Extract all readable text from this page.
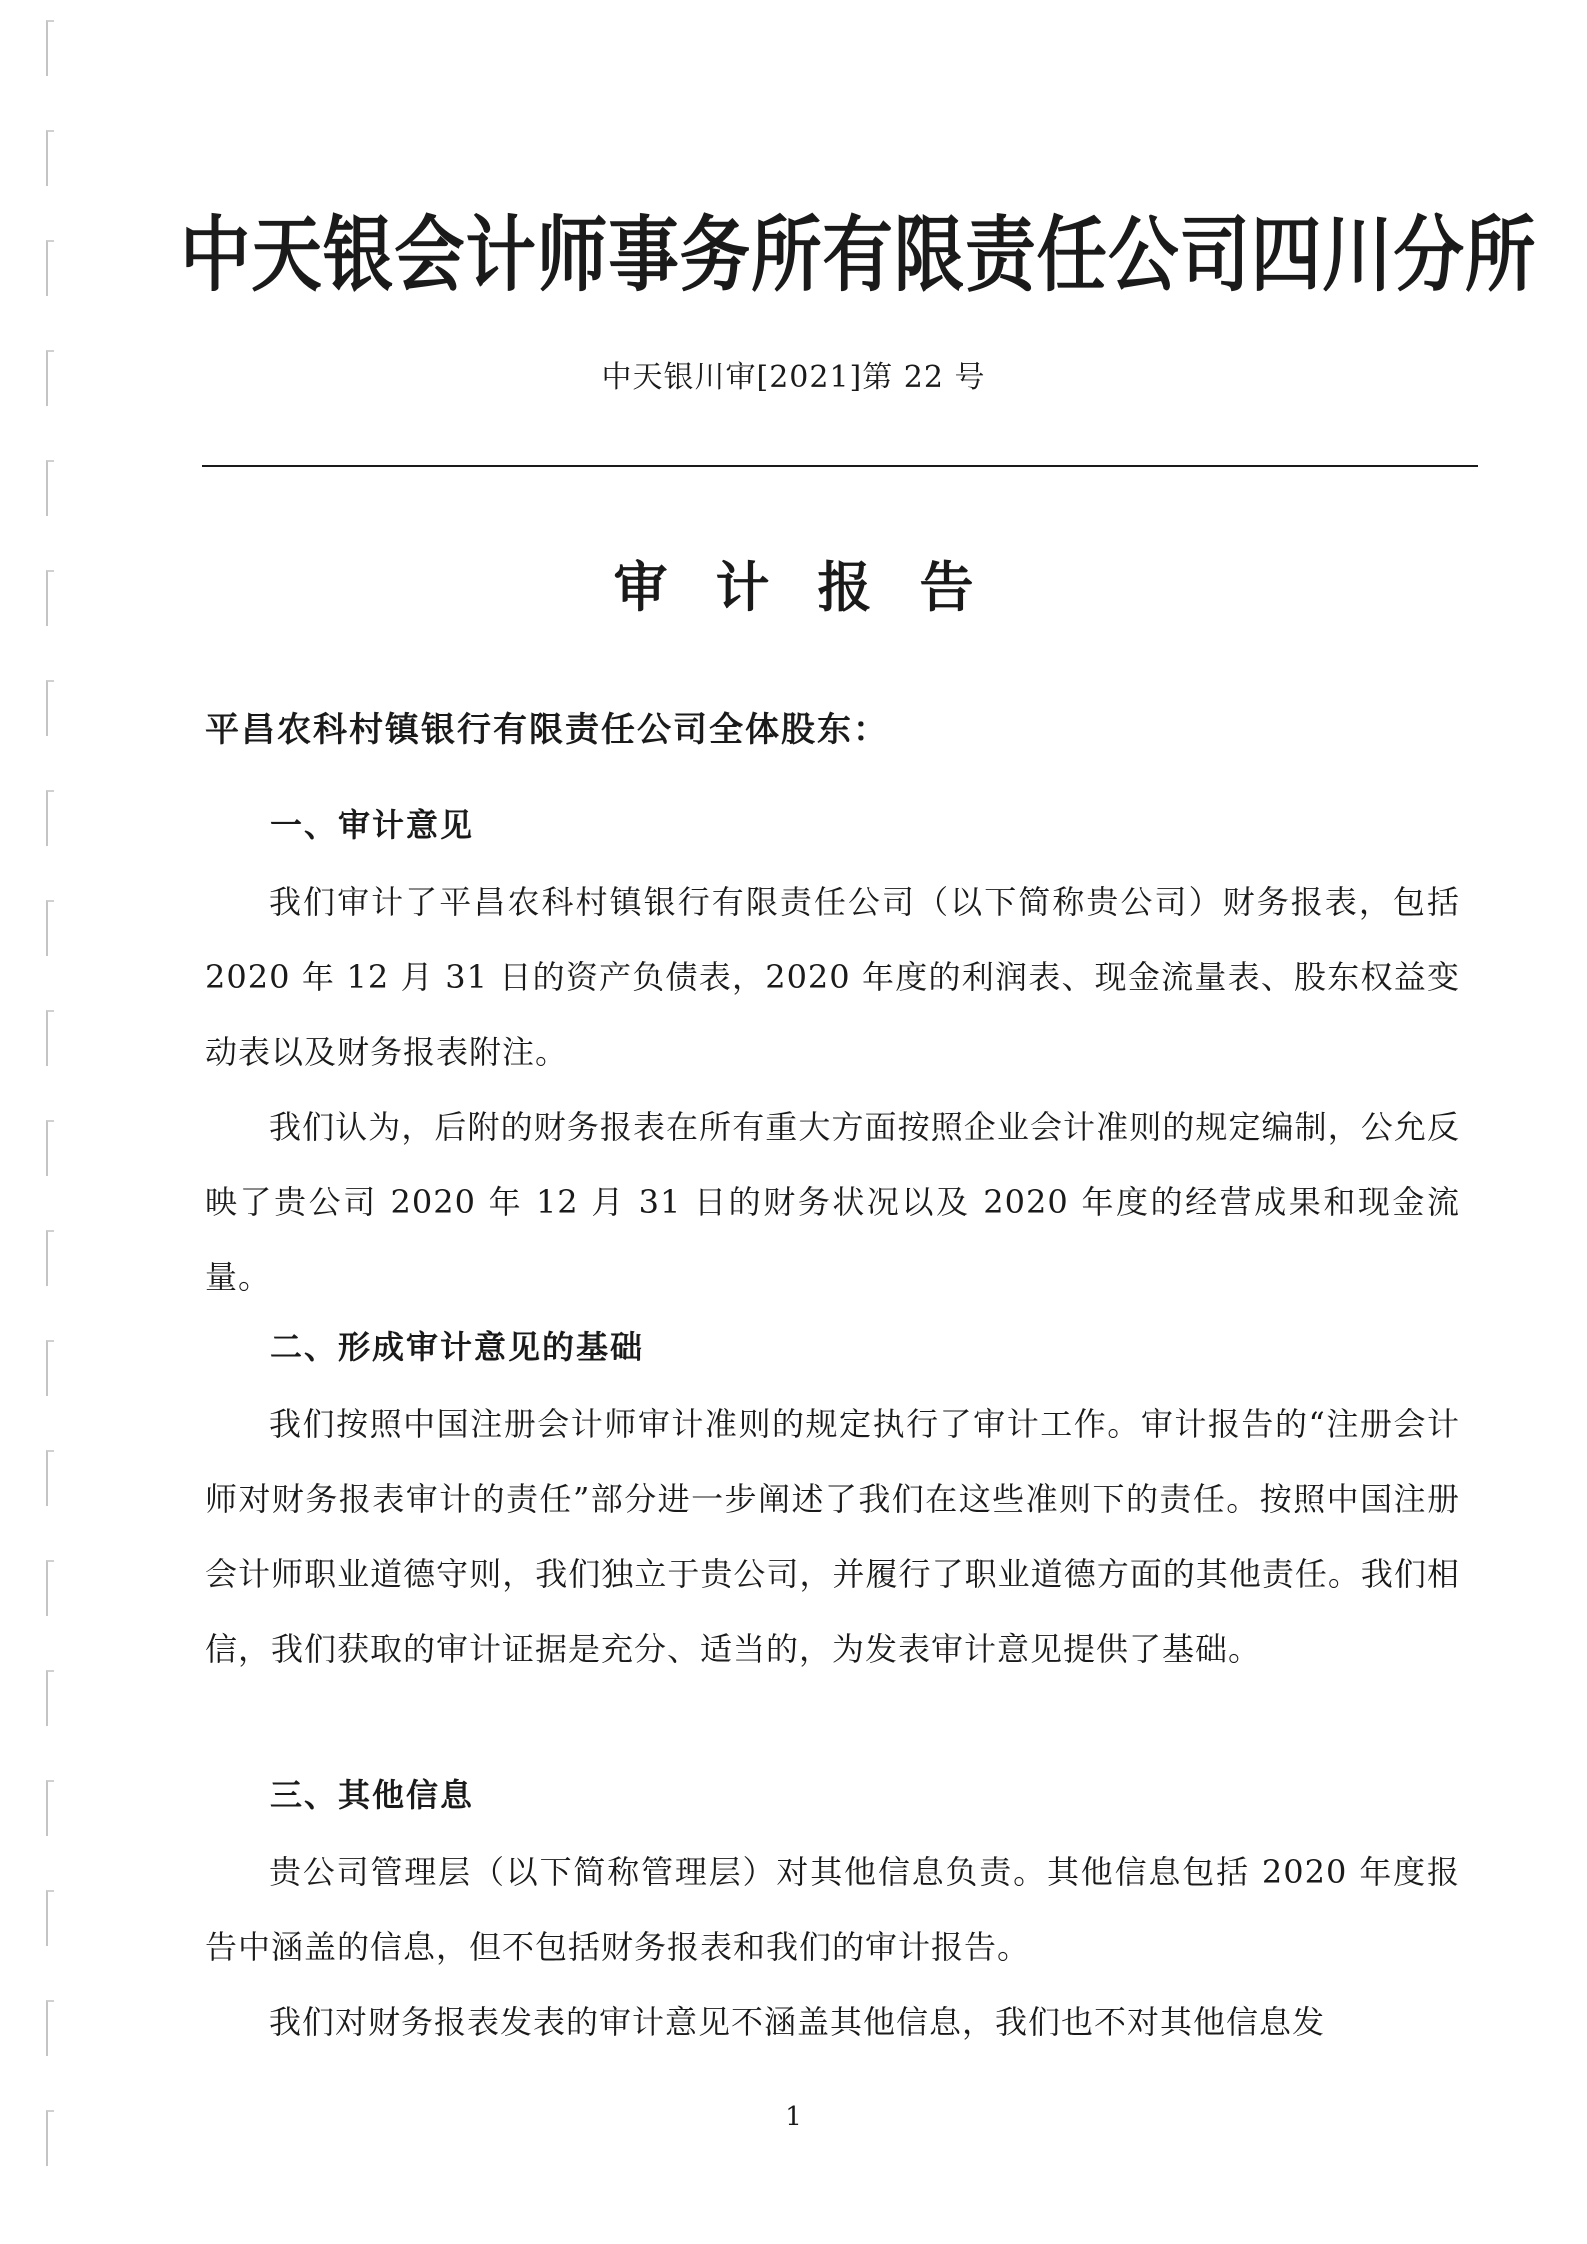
中天银会计师事务所有限责任公司四川分所
中天银川审[2021]第 22 号
审计报告
平昌农科村镇银行有限责任公司全体股东：
一、审计意见
我们审计了平昌农科村镇银行有限责任公司（以下简称贵公司）财务报表，包括 2020 年 12 月 31 日的资产负债表，2020 年度的利润表、现金流量表、股东权益变动表以及财务报表附注。
我们认为，后附的财务报表在所有重大方面按照企业会计准则的规定编制，公允反映了贵公司 2020 年 12 月 31 日的财务状况以及 2020 年度的经营成果和现金流量。
二、形成审计意见的基础
我们按照中国注册会计师审计准则的规定执行了审计工作。审计报告的“注册会计师对财务报表审计的责任”部分进一步阐述了我们在这些准则下的责任。按照中国注册会计师职业道德守则，我们独立于贵公司，并履行了职业道德方面的其他责任。我们相信，我们获取的审计证据是充分、适当的，为发表审计意见提供了基础。
三、其他信息
贵公司管理层（以下简称管理层）对其他信息负责。其他信息包括 2020 年度报告中涵盖的信息，但不包括财务报表和我们的审计报告。
我们对财务报表发表的审计意见不涵盖其他信息，我们也不对其他信息发
1
